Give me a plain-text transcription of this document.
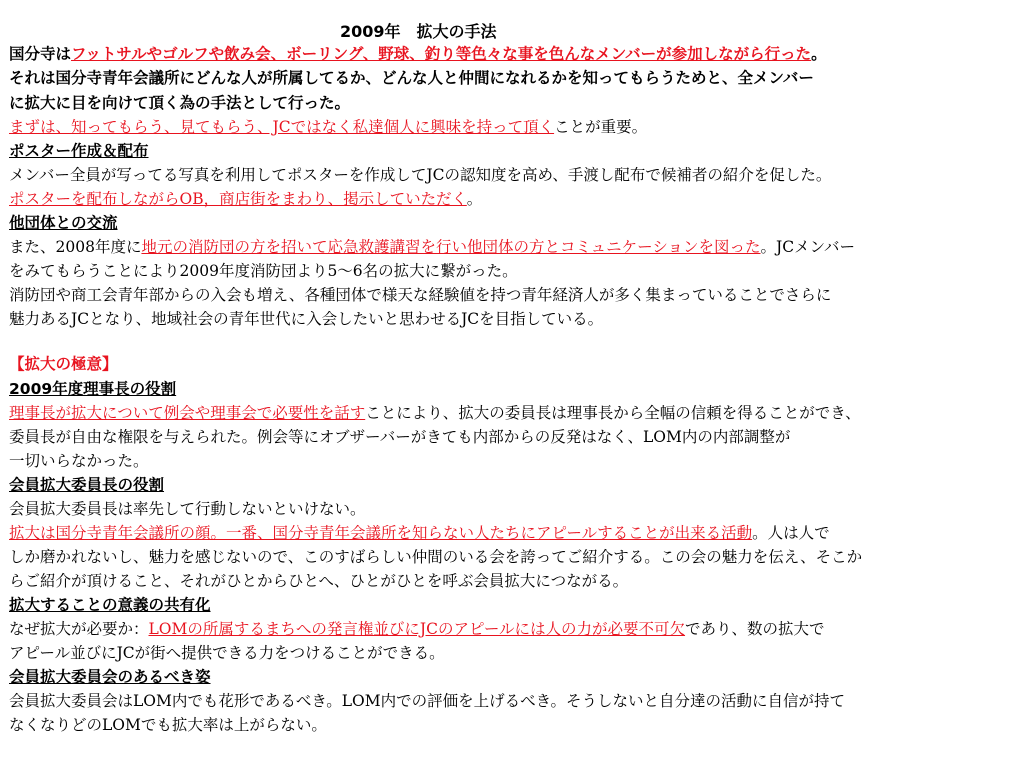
2009年　拡大の手法
国分寺はフットサルやゴルフや飲み会、ボーリング、野球、釣り等色々な事を色んなメンバーが参加しながら行った。
それは国分寺青年会議所にどんな人が所属してるか、どんな人と仲間になれるかを知ってもらうためと、全メンバー
に拡大に目を向けて頂く為の手法として行った。
まずは、知ってもらう、見てもらう、JCではなく私達個人に興味を持って頂くことが重要。
ポスター作成＆配布
メンバー全員が写ってる写真を利用してポスターを作成してJCの認知度を高め、手渡し配布で候補者の紹介を促した。
ポスターを配布しながらOB，商店街をまわり、掲示していただく。
他団体との交流
また、2008年度に地元の消防団の方を招いて応急救護講習を行い他団体の方とコミュニケーションを図った。JCメンバー
をみてもらうことにより2009年度消防団より5～6名の拡大に繋がった。
消防団や商工会青年部からの入会も増え、各種団体で様天な経験値を持つ青年経済人が多く集まっていることでさらに
魅力あるJCとなり、地域社会の青年世代に入会したいと思わせるJCを目指している。
【拡大の極意】
2009年度理事長の役割
理事長が拡大について例会や理事会で必要性を話すことにより、拡大の委員長は理事長から全幅の信頼を得ることができ、
委員長が自由な権限を与えられた。例会等にオブザーバーがきても内部からの反発はなく、LOM内の内部調整が
一切いらなかった。
会員拡大委員長の役割
会員拡大委員長は率先して行動しないといけない。
拡大は国分寺青年会議所の顔。一番、国分寺青年会議所を知らない人たちにアピールすることが出来る活動。人は人で
しか磨かれないし、魅力を感じないので、このすばらしい仲間のいる会を誇ってご紹介する。この会の魅力を伝え、そこか
らご紹介が頂けること、それがひとからひとへ、ひとがひとを呼ぶ会員拡大につながる。
拡大することの意義の共有化
なぜ拡大が必要か：LOMの所属するまちへの発言権並びにJCのアピールには人の力が必要不可欠であり、数の拡大で
アピール並びにJCが街へ提供できる力をつけることができる。
会員拡大委員会のあるべき姿
会員拡大委員会はLOM内でも花形であるべき。LOM内での評価を上げるべき。そうしないと自分達の活動に自信が持て
なくなりどのLOMでも拡大率は上がらない。
